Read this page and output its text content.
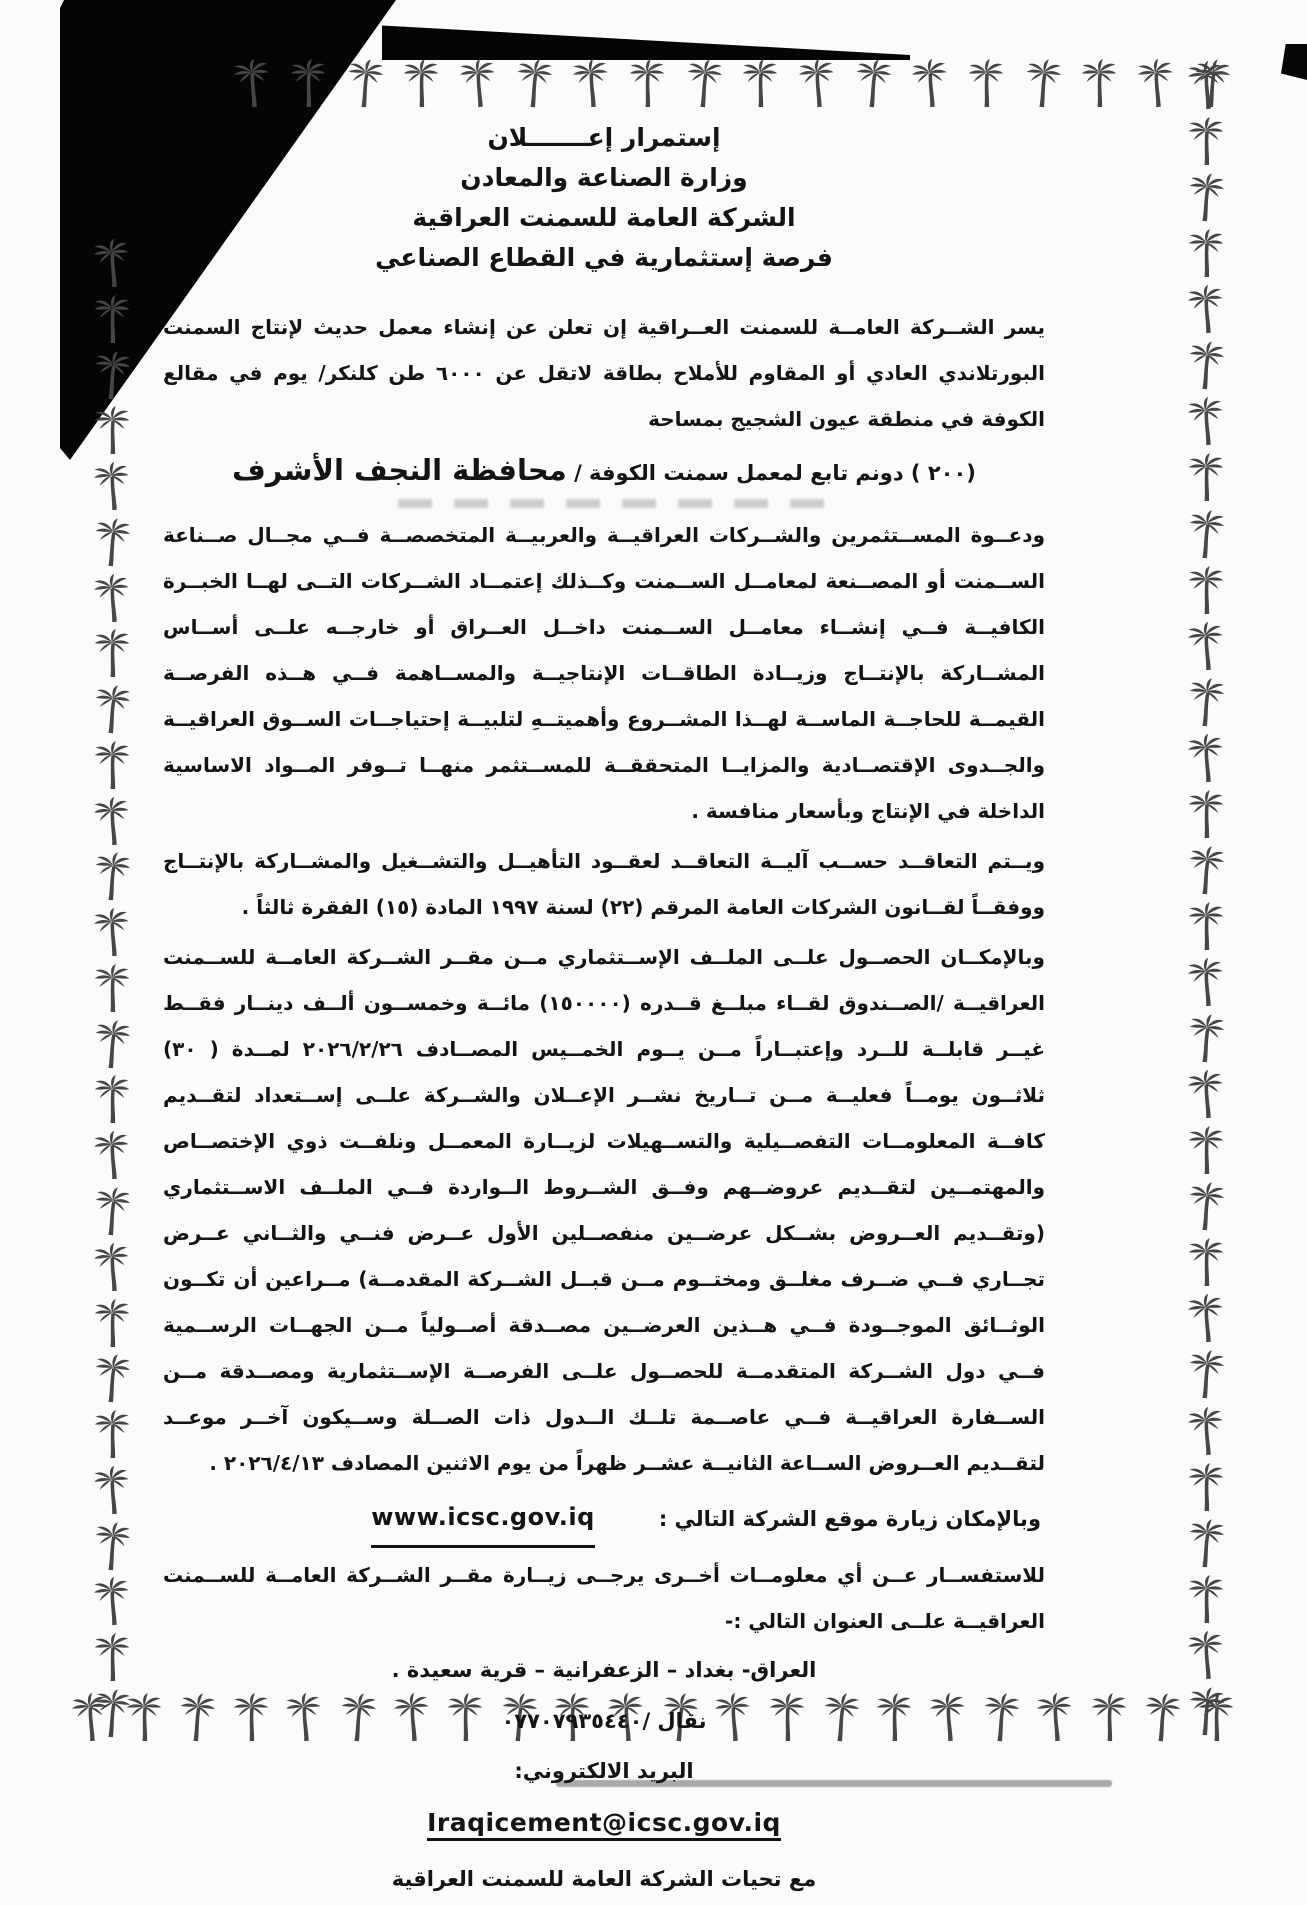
إستمرار إعـــــــلان
وزارة الصناعة والمعادن
الشركة العامة للسمنت العراقية
فرصة إستثمارية في القطاع الصناعي

يسر الشــركة العامــة للسمنت العــراقية إن تعلن عن إنشاء معمل حديث لإنتاج السمنت البورتلاندي العادي أو المقاوم للأملاح بطاقة لاتقل عن ٦٠٠٠ طن كلنكر/ يوم في مقالع الكوفة في منطقة عيون الشجيج بمساحة

(٢٠٠ ) دونم تابع لمعمل سمنت الكوفة / محافظة النجف الأشرف

ودعــوة المســتثمرين والشــركات العراقيــة والعربيــة المتخصصــة فــي مجــال صــناعة الســمنت أو المصــنعة لمعامــل الســمنت وكــذلك إعتمــاد الشــركات التــى لهــا الخبــرة الكافيــة فــي إنشــاء معامــل الســمنت داخــل العــراق أو خارجــه علــى أســاس المشــاركة بالإنتــاج وزيــادة الطاقــات الإنتاجيــة والمســاهمة فــي هــذه الفرصــة القيمــة للحاجــة الماســة لهــذا المشــروع وأهميتــهِ لتلبيــة إحتياجــات الســوق العراقيــة والجــدوى الإقتصــادية والمزايــا المتحققــة للمســتثمر منهــا تــوفر المــواد الاساسية الداخلة في الإنتاج وبأسعار منافسة .

ويــتم التعاقــد حســب آليــة التعاقــد لعقــود التأهيــل والتشــغيل والمشــاركة بالإنتــاج ووفقــاً لقــانون الشركات العامة المرقم (٢٢) لسنة ١٩٩٧ المادة (١٥) الفقرة ثالثاً .

وبالإمكــان الحصــول علــى الملــف الإســتثماري مــن مقــر الشــركة العامــة للســمنت العراقيــة /الصــندوق لقــاء مبلــغ قــدره (١٥٠٠٠٠) مائــة وخمســون ألــف دينــار فقــط غيــر قابلــة للــرد وإعتبــاراً مــن يــوم الخمــيس المصــادف ٢٠٢٦/٢/٢٦ لمــدة ( ٣٠) ثلاثــون يومــاً فعليــة مــن تــاريخ نشــر الإعــلان والشــركة علــى إســتعداد لتقــديم كافــة المعلومــات التفصــيلية والتســهيلات لزيــارة المعمــل ونلفــت ذوي الإختصــاص والمهتمــين لتقــديم عروضــهم وفــق الشــروط الــواردة فــي الملــف الاســتثماري (وتقــديم العــروض بشــكل عرضــين منفصــلين الأول عــرض فنــي والثــاني عــرض تجــاري فــي ضــرف مغلــق ومختــوم مــن قبــل الشــركة المقدمــة) مــراعين أن تكــون الوثــائق الموجــودة فــي هــذين العرضــين مصــدقة أصــولياً مــن الجهــات الرســمية فــي دول الشــركة المتقدمــة للحصــول علــى الفرصــة الإســتثمارية ومصــدقة مــن الســفارة العراقيــة فــي عاصــمة تلــك الــدول ذات الصــلة وســيكون آخــر موعــد لتقــديم العــروض الســاعة الثانيــة عشــر ظهراً من يوم الاثنين المصادف ٢٠٢٦/٤/١٣ .

وبالإمكان زيارة موقع الشركة التالي :
www.icsc.gov.iq

للاستفســار عــن أي معلومــات أخــرى يرجــى زيــارة مقــر الشــركة العامــة للســمنت العراقيــة علــى العنوان التالي :-

العراق- بغداد – الزعفرانية – قرية سعيدة .
نقال /٠٧٧٠٧٩٣٥٤٤٠
البريد الالكتروني:
Iraqicement@icsc.gov.iq
مع تحيات الشركة العامة للسمنت العراقية
